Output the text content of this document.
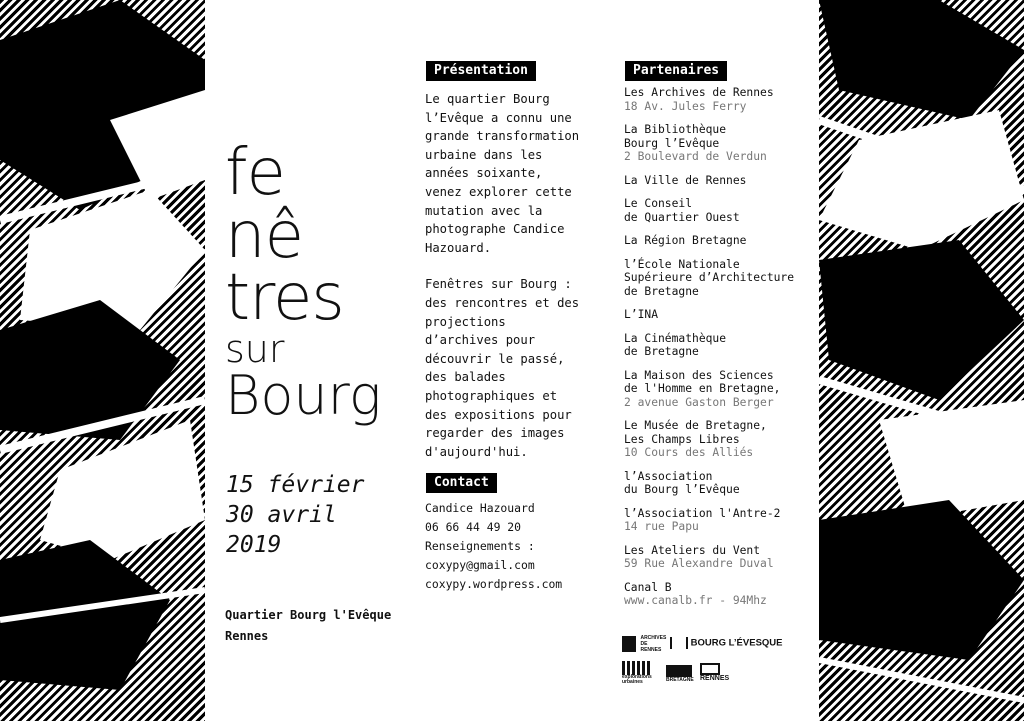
fe
nê
tres
sur
Bourg
15 février
30 avril
2019
Quartier Bourg l'Evêque
Rennes
Présentation

Le quartier Bourg l’Evêque a connu une grande transformation urbaine dans les années soixante, venez explorer cette mutation avec la photographe Candice Hazouard.

Fenêtres sur Bourg : des rencontres et des projections d’archives pour découvrir le passé, des balades photographiques et des expositions pour regarder des images d'aujourd'hui.

Contact
Candice Hazouard
06 66 44 49 20
Renseignements :
coxypy@gmail.com
coxypy.wordpress.com
Partenaires
Les Archives de Rennes
18 Av. Jules Ferry
La Bibliothèque
Bourg l’Evêque
2 Boulevard de Verdun
La Ville de Rennes
Le Conseil
de Quartier Ouest
La Région Bretagne
l’École Nationale
Supérieure d’Architecture
de Bretagne
L’INA
La Cinémathèque
de Bretagne
La Maison des Sciences
de l'Homme en Bretagne,
2 avenue Gaston Berger
Le Musée de Bretagne,
Les Champs Libres
10 Cours des Alliés
l’Association
du Bourg l’Evêque
l’Association l'Antre-2
14 rue Papu
Les Ateliers du Vent
59 Rue Alexandre Duval
Canal B
www.canalb.fr - 94Mhz
ARCHIVES DE RENNES
BOURG L’ÉVESQUE
explorations urbaines	BRETAGNE RENNES
